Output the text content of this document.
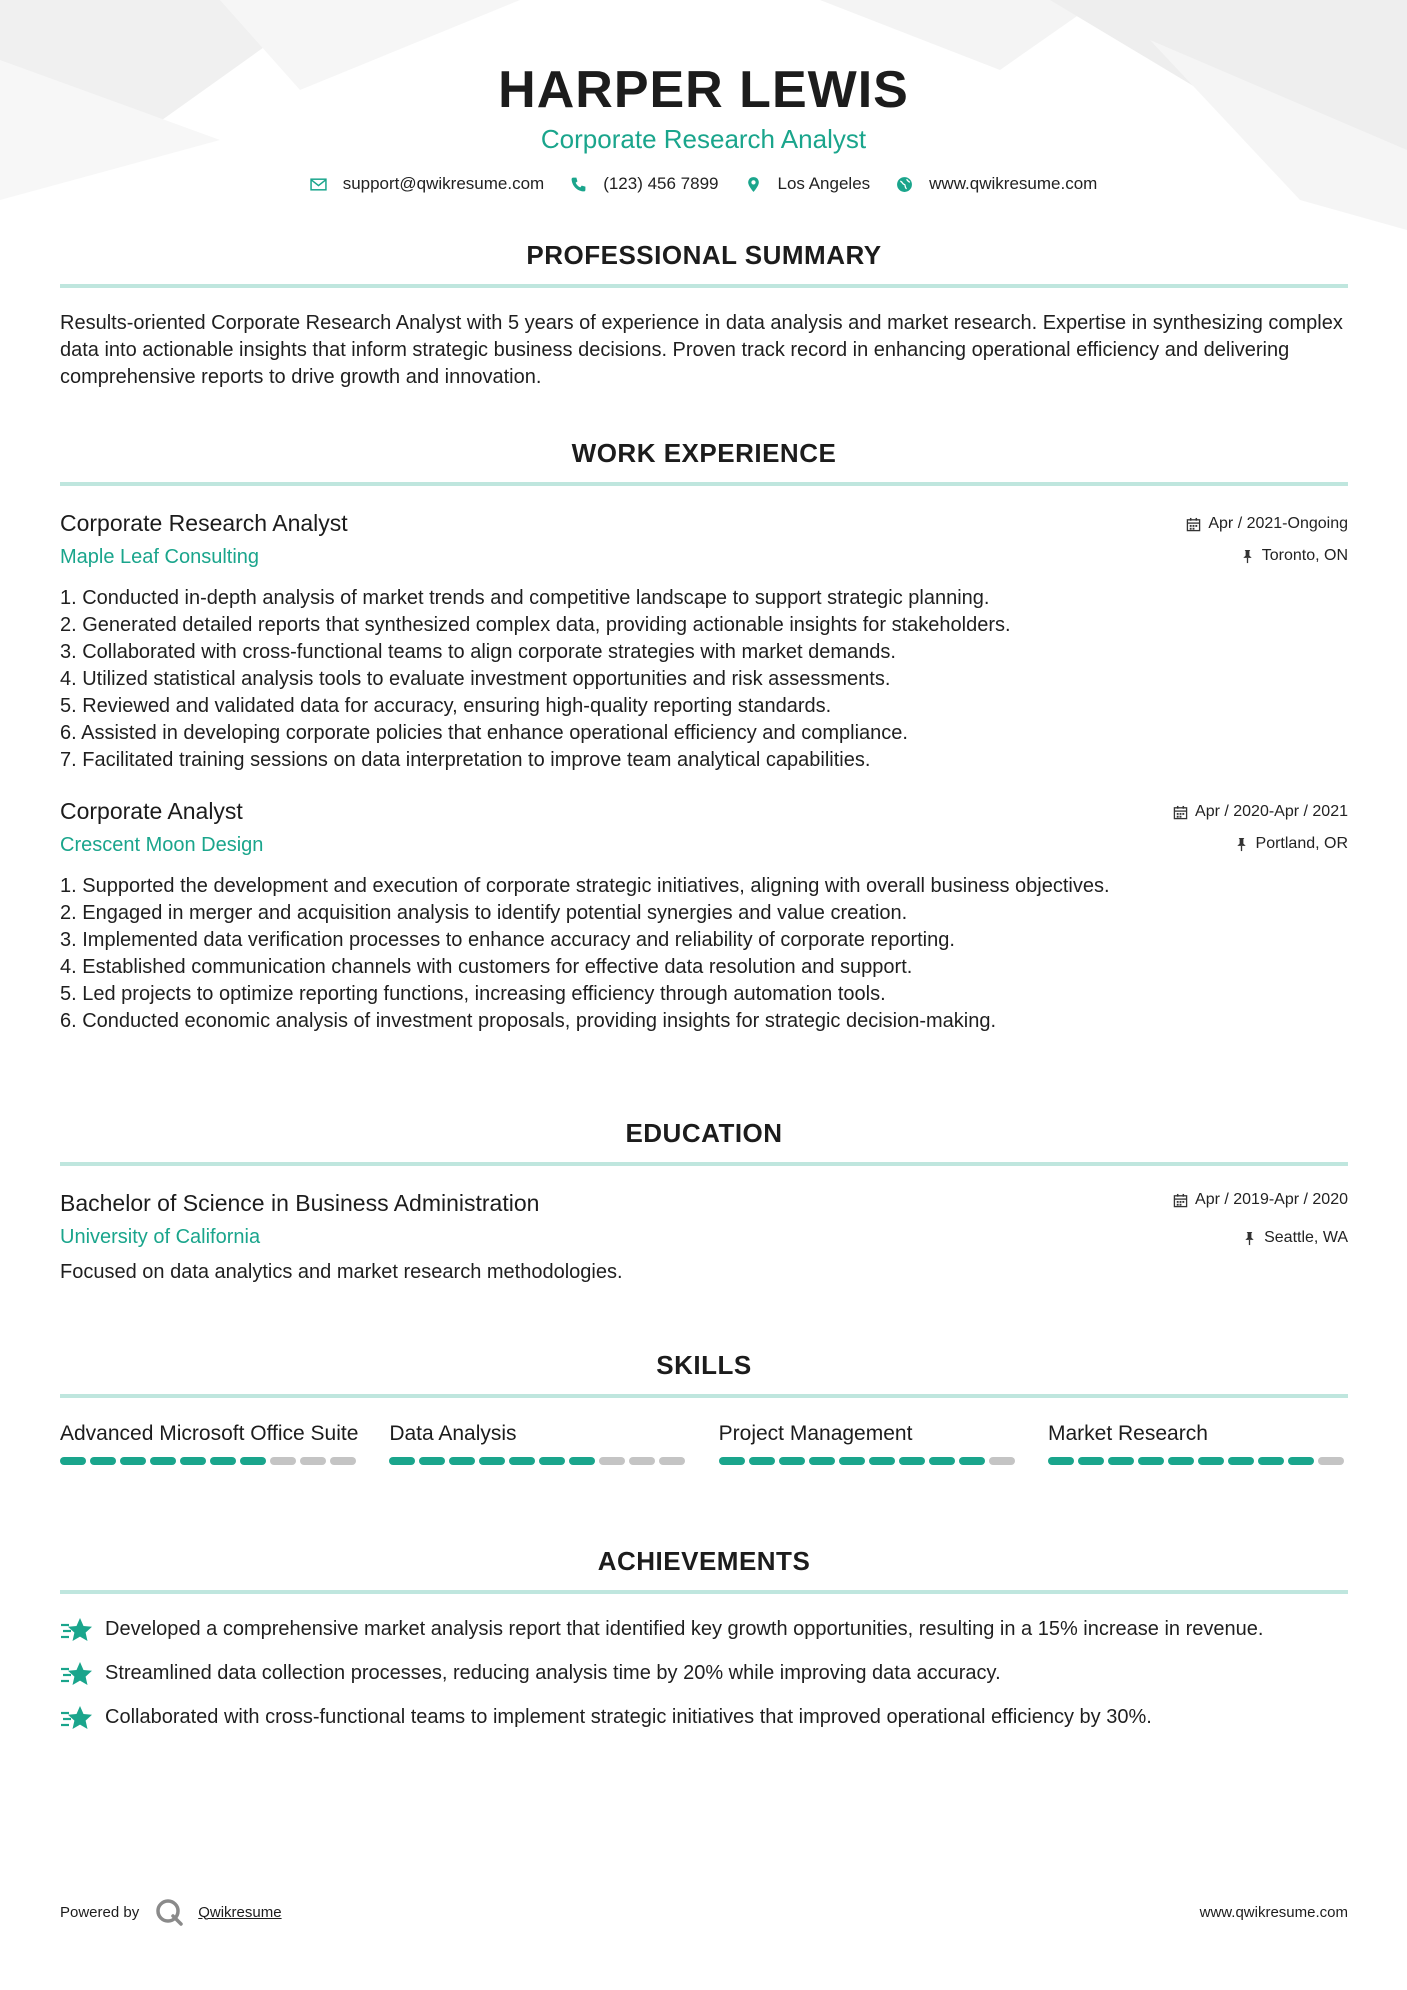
HARPER LEWIS
Corporate Research Analyst
support@qwikresume.com	(123) 456 7899	Los Angeles	www.qwikresume.com
PROFESSIONAL SUMMARY
Results-oriented Corporate Research Analyst with 5 years of experience in data analysis and market research. Expertise in synthesizing complex data into actionable insights that inform strategic business decisions. Proven track record in enhancing operational efficiency and delivering comprehensive reports to drive growth and innovation.
WORK EXPERIENCE
Corporate Research Analyst
Maple Leaf Consulting
Apr / 2021-Ongoing
Toronto, ON
1. Conducted in-depth analysis of market trends and competitive landscape to support strategic planning.
2. Generated detailed reports that synthesized complex data, providing actionable insights for stakeholders.
3. Collaborated with cross-functional teams to align corporate strategies with market demands.
4. Utilized statistical analysis tools to evaluate investment opportunities and risk assessments.
5. Reviewed and validated data for accuracy, ensuring high-quality reporting standards.
6. Assisted in developing corporate policies that enhance operational efficiency and compliance.
7. Facilitated training sessions on data interpretation to improve team analytical capabilities.
Corporate Analyst
Crescent Moon Design
Apr / 2020-Apr / 2021
Portland, OR
1. Supported the development and execution of corporate strategic initiatives, aligning with overall business objectives.
2. Engaged in merger and acquisition analysis to identify potential synergies and value creation.
3. Implemented data verification processes to enhance accuracy and reliability of corporate reporting.
4. Established communication channels with customers for effective data resolution and support.
5. Led projects to optimize reporting functions, increasing efficiency through automation tools.
6. Conducted economic analysis of investment proposals, providing insights for strategic decision-making.
EDUCATION
Bachelor of Science in Business Administration
University of California
Apr / 2019-Apr / 2020
Seattle, WA
Focused on data analytics and market research methodologies.
SKILLS
Advanced Microsoft Office Suite Data Analysis	Project Management	Market Research
ACHIEVEMENTS
Developed a comprehensive market analysis report that identified key growth opportunities, resulting in a 15% increase in revenue.
Streamlined data collection processes, reducing analysis time by 20% while improving data accuracy.
Collaborated with cross-functional teams to implement strategic initiatives that improved operational efficiency by 30%.
Powered by	Qwikresume	www.qwikresume.com
